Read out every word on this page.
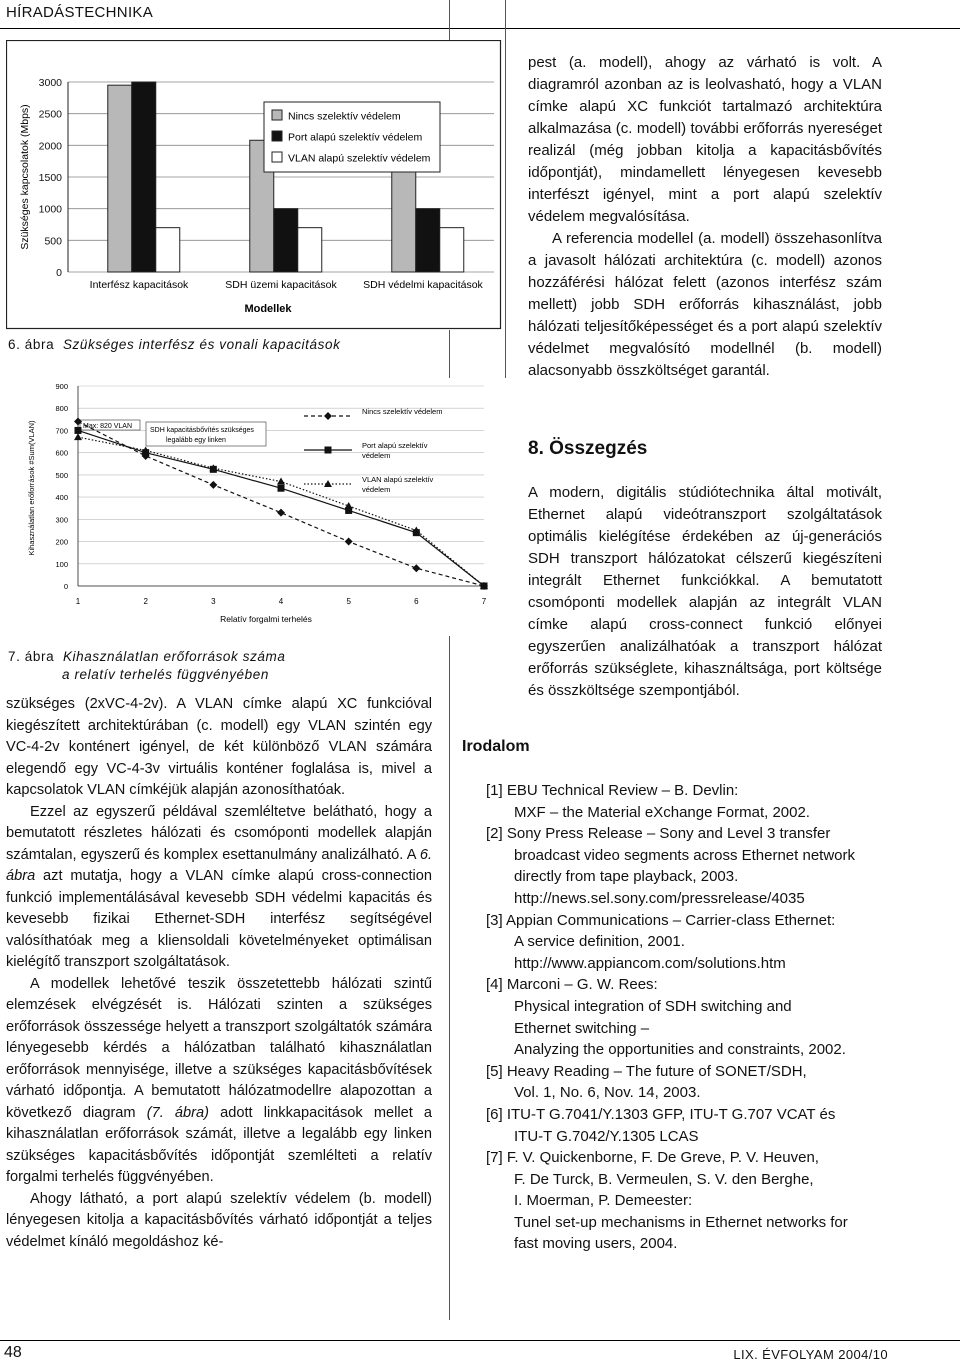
HÍRADÁSTECHNIKA
3000
2500
2000
1500
1000
500
0
Szükséges kapcsolatok (Mbps)
Interfész kapacitások	SDH üzemi kapacitások	SDH védelmi kapacitások
Modellek
Nincs szelektív védelem
Port alapú szelektív védelem
VLAN alapú szelektív védelem
6. ábra Szükséges interfész és vonali kapacitások
900
800
700
600
500
400
300
200
100
0
1	2	3	4	5	6	7
Relatív forgalmi terhelés
Kihasználatlan erőforrások #Sum(VLAN)	Max: 820 VLAN
SDH kapacitásbővítés szükséges
legalább egy linken
Nincs szelektív védelem
Port alapú szelektív
védelem
VLAN alapú szelektív
védelem
7. ábra Kihasználatlan erőforrások száma
a relatív terhelés függvényében

szükséges (2xVC-4-2v). A VLAN címke alapú XC funkcióval kiegészített architektúrában (c. modell) egy VLAN szintén egy VC-4-2v konténert igényel, de két különböző VLAN számára elegendő egy VC-4-3v virtuális konténer foglalása is, mivel a kapcsolatok VLAN címkéjük alapján azonosíthatóak.

Ezzel az egyszerű példával szemléltetve belátható, hogy a bemutatott részletes hálózati és csomóponti modellek alapján számtalan, egyszerű és komplex esettanulmány analizálható. A 6. ábra azt mutatja, hogy a VLAN címke alapú cross-connection funkció implementálásával kevesebb SDH védelmi kapacitás és kevesebb fizikai Ethernet-SDH interfész segítségével valósíthatóak meg a kliensoldali követelményeket optimálisan kielégítő transzport szolgáltatások.

A modellek lehetővé teszik összetettebb hálózati szintű elemzések elvégzését is. Hálózati szinten a szükséges erőforrások összessége helyett a transzport szolgáltatók számára lényegesebb kérdés a hálózatban található kihasználatlan erőforrások mennyisége, illetve a szükséges kapacitásbővítések várható időpontja. A bemutatott hálózatmodellre alapozottan a következő diagram (7. ábra) adott linkkapacitások mellet a kihasználatlan erőforrások számát, illetve a legalább egy linken szükséges kapacitásbővítés időpontját szemlélteti a relatív forgalmi terhelés függvényében.

Ahogy látható, a port alapú szelektív védelem (b. modell) lényegesen kitolja a kapacitásbővítés várható időpontját a teljes védelmet kínáló megoldáshoz ké-

pest (a. modell), ahogy az várható is volt. A diagramról azonban az is leolvasható, hogy a VLAN címke alapú XC funkciót tartalmazó architektúra alkalmazása (c. modell) további erőforrás nyereséget realizál (még jobban kitolja a kapacitásbővítés időpontját), mindamellett lényegesen kevesebb interfészt igényel, mint a port alapú szelektív védelem megvalósítása.

A referencia modellel (a. modell) összehasonlítva a javasolt hálózati architektúra (c. modell) azonos hozzáférési hálózat felett (azonos interfész szám mellett) jobb SDH erőforrás kihasználást, jobb hálózati teljesítőképességet és a port alapú szelektív védelmet megvalósító modellnél (b. modell) alacsonyabb összköltséget garantál.

8. Összegzés

A modern, digitális stúdiótechnika által motivált, Ethernet alapú videótranszport szolgáltatások optimális kielégítése érdekében az új-generációs SDH transzport hálózatokat célszerű kiegészíteni integrált Ethernet funkciókkal. A bemutatott csomóponti modellek alapján az integrált VLAN címke alapú cross-connect funkció előnyei egyszerűen analizálhatóak a transzport hálózat erőforrás szükséglete, kihasználtsága, port költsége és összköltsége szempontjából.

Irodalom
[1] EBU Technical Review – B. Devlin:
MXF – the Material eXchange Format, 2002.
[2] Sony Press Release – Sony and Level 3 transfer
broadcast video segments across Ethernet network
directly from tape playback, 2003.
http://news.sel.sony.com/pressrelease/4035
[3] Appian Communications – Carrier-class Ethernet:
A service definition, 2001.
http://www.appiancom.com/solutions.htm
[4] Marconi – G. W. Rees:
Physical integration of SDH switching and
Ethernet switching –
Analyzing the opportunities and constraints, 2002.
[5] Heavy Reading – The future of SONET/SDH,
Vol. 1, No. 6, Nov. 14, 2003.
[6] ITU-T G.7041/Y.1303 GFP, ITU-T G.707 VCAT és
ITU-T G.7042/Y.1305 LCAS
[7] F. V. Quickenborne, F. De Greve, P. V. Heuven,
F. De Turck, B. Vermeulen, S. V. den Berghe,
I. Moerman, P. Demeester:
Tunel set-up mechanisms in Ethernet networks for
fast moving users, 2004.
48	LIX. ÉVFOLYAM 2004/10
